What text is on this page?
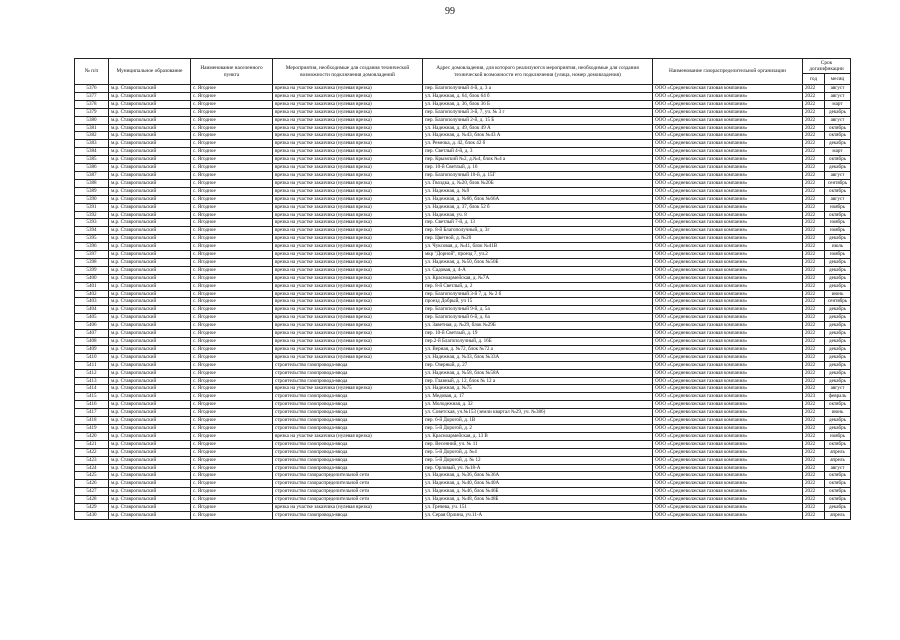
99
№ п/п	Муниципальное образование	Наименование населенного пункта	Мероприятия, необходимые для создания технической возможности подключения домовладений	Адрес домовладения, для которого реализуются мероприятия, необходимые для создания технической возможности его подключения (улица, номер домовладения)	Наименование газораспределительной организации	Срок догазификации	
						год	месяц
5376	м.р. Ставропольский	с. Ягодное	врезка на участке заказчика (нулевая врезка)	пер. Благополучный 4-й, д. 3 а	ООО «Средневолжская газовая компания»	2022	август
5377	м.р. Ставропольский	с. Ягодное	врезка на участке заказчика (нулевая врезка)	ул. Надежная, д. 64, блок 64 б	ООО «Средневолжская газовая компания»	2022	август
5378	м.р. Ставропольский	с. Ягодное	врезка на участке заказчика (нулевая врезка)	ул. Надежная, д. 36, блок 36 Б	ООО «Средневолжская газовая компания»	2022	март
5379	м.р. Ставропольский	с. Ягодное	врезка на участке заказчика (нулевая врезка)	пер. Благополучный 3-й, 7, уч. № 3 г	ООО «Средневолжская газовая компания»	2022	декабрь
5380	м.р. Ставропольский	с. Ягодное	врезка на участке заказчика (нулевая врезка)	пер. Благополучный 2-й, д. 15 Б	ООО «Средневолжская газовая компания»	2022	август
5381	м.р. Ставропольский	с. Ягодное	врезка на участке заказчика (нулевая врезка)	ул. Надежная, д. 49, блок 49 А	ООО «Средневолжская газовая компания»	2022	октябрь
5382	м.р. Ставропольский	с. Ягодное	врезка на участке заказчика (нулевая врезка)	ул. Надежная, д. №43, блок №43 А	ООО «Средневолжская газовая компания»	2022	октябрь
5383	м.р. Ставропольский	с. Ягодное	врезка на участке заказчика (нулевая врезка)	ул. Ремезка, д. 42, блок 42 б	ООО «Средневолжская газовая компания»	2022	декабрь
5384	м.р. Ставропольский	с. Ягодное	врезка на участке заказчика (нулевая врезка)	пер. Светлый 4-й, д. 3	ООО «Средневолжская газовая компания»	2022	март
5385	м.р. Ставропольский	с. Ягодное	врезка на участке заказчика (нулевая врезка)	пер. Крымский №2, д.№4, блок №4 а	ООО «Средневолжская газовая компания»	2022	октябрь
5386	м.р. Ставропольский	с. Ягодное	врезка на участке заказчика (нулевая врезка)	пер. 10-й Светлый, д. 16	ООО «Средневолжская газовая компания»	2022	декабрь
5387	м.р. Ставропольский	с. Ягодное	врезка на участке заказчика (нулевая врезка)	пер. Благополучный 10-й, д. 15Г	ООО «Средневолжская газовая компания»	2022	август
5388	м.р. Ставропольский	с. Ягодное	врезка на участке заказчика (нулевая врезка)	ул. Гвоздка, д. №20, блок №20Б	ООО «Средневолжская газовая компания»	2022	сентябрь
5389	м.р. Ставропольский	с. Ягодное	врезка на участке заказчика (нулевая врезка)	ул. Надежная, д. №9	ООО «Средневолжская газовая компания»	2022	октябрь
5390	м.р. Ставропольский	с. Ягодное	врезка на участке заказчика (нулевая врезка)	ул. Надежная, д. №66, блок №66А	ООО «Средневолжская газовая компания»	2022	август
5391	м.р. Ставропольский	с. Ягодное	врезка на участке заказчика (нулевая врезка)	ул. Надежная, д. 37, блок 52 б	ООО «Средневолжская газовая компания»	2022	ноябрь
5392	м.р. Ставропольский	с. Ягодное	врезка на участке заказчика (нулевая врезка)	ул. Надежная, уч. 8	ООО «Средневолжская газовая компания»	2022	октябрь
5393	м.р. Ставропольский	с. Ягодное	врезка на участке заказчика (нулевая врезка)	пер. Светлый 7-й, д. 13	ООО «Средневолжская газовая компания»	2022	ноябрь
5394	м.р. Ставропольский	с. Ягодное	врезка на участке заказчика (нулевая врезка)	пер. 8-й Благополучный, д. 3г	ООО «Средневолжская газовая компания»	2022	ноябрь
5395	м.р. Ставропольский	с. Ягодное	врезка на участке заказчика (нулевая врезка)	пер. Цветной, д. №20	ООО «Средневолжская газовая компания»	2022	декабрь
5396	м.р. Ставропольский	с. Ягодное	врезка на участке заказчика (нулевая врезка)	ул. Чуксовая, д. №41, блок №41В	ООО «Средневолжская газовая компания»	2022	июль
5397	м.р. Ставропольский	с. Ягодное	врезка на участке заказчика (нулевая врезка)	мкр "Дорной", проезд 7, уч.2	ООО «Средневолжская газовая компания»	2022	ноябрь
5398	м.р. Ставропольский	с. Ягодное	врезка на участке заказчика (нулевая врезка)	ул. Надежная, д. №50, блок №50Б	ООО «Средневолжская газовая компания»	2022	декабрь
5399	м.р. Ставропольский	с. Ягодное	врезка на участке заказчика (нулевая врезка)	ул. Садовая, д. 4-А	ООО «Средневолжская газовая компания»	2022	декабрь
5400	м.р. Ставропольский	с. Ягодное	врезка на участке заказчика (нулевая врезка)	ул. Красноармейская, д. №7А	ООО «Средневолжская газовая компания»	2022	декабрь
5401	м.р. Ставропольский	с. Ягодное	врезка на участке заказчика (нулевая врезка)	пер. 8-й Светлый, д. 2	ООО «Средневолжская газовая компания»	2022	декабрь
5402	м.р. Ставропольский	с. Ягодное	врезка на участке заказчика (нулевая врезка)	пер. Благополучный 3-й 7, д. № 2 б	ООО «Средневолжская газовая компания»	2022	июнь
5403	м.р. Ставропольский	с. Ягодное	врезка на участке заказчика (нулевая врезка)	проезд Добрый, уч 15	ООО «Средневолжская газовая компания»	2022	сентябрь
5404	м.р. Ставропольский	с. Ягодное	врезка на участке заказчика (нулевая врезка)	пер. Благополучный 9-й, д. 5а	ООО «Средневолжская газовая компания»	2022	декабрь
5405	м.р. Ставропольский	с. Ягодное	врезка на участке заказчика (нулевая врезка)	пер. Благополучный 6-й, д. 6а	ООО «Средневолжская газовая компания»	2022	декабрь
5406	м.р. Ставропольский	с. Ягодное	врезка на участке заказчика (нулевая врезка)	ул. Заветная, д. №29, блок №29Б	ООО «Средневолжская газовая компания»	2022	декабрь
5407	м.р. Ставропольский	с. Ягодное	врезка на участке заказчика (нулевая врезка)	пер. 10-й Светлый, д. 19	ООО «Средневолжская газовая компания»	2022	декабрь
5408	м.р. Ставропольский	с. Ягодное	врезка на участке заказчика (нулевая врезка)	пер.2-й Благополучный, д. 16Б	ООО «Средневолжская газовая компания»	2022	декабрь
5409	м.р. Ставропольский	с. Ягодное	врезка на участке заказчика (нулевая врезка)	ул. Верная, д. №72, блок №72 а	ООО «Средневолжская газовая компания»	2022	декабрь
5410	м.р. Ставропольский	с. Ягодное	врезка на участке заказчика (нулевая врезка)	ул. Надежная, д. №33, блок №33А	ООО «Средневолжская газовая компания»	2022	декабрь
5411	м.р. Ставропольский	с. Ягодное	строительство газопровода-ввода	пер. Озерный, д. 27	ООО «Средневолжская газовая компания»	2022	декабрь
5412	м.р. Ставропольский	с. Ягодное	строительство газопровода-ввода	ул. Надежная, д. №58, блок №58А	ООО «Средневолжская газовая компания»	2022	декабрь
5413	м.р. Ставропольский	с. Ягодное	строительство газопровода-ввода	пер. Главный, д. 12, блок № 12 а	ООО «Средневолжская газовая компания»	2022	декабрь
5414	м.р. Ставропольский	с. Ягодное	врезка на участке заказчика (нулевая врезка)	ул. Надежная, д. №75	ООО «Средневолжская газовая компания»	2022	август
5415	м.р. Ставропольский	с. Ягодное	строительство газопровода-ввода	ул. Медовая, д. 17	ООО «Средневолжская газовая компания»	2023	февраль
5416	м.р. Ставропольский	с. Ягодное	строительство газопровода-ввода	ул. Молодежная, д. 32	ООО «Средневолжская газовая компания»	2022	октябрь
5417	м.р. Ставропольский	с. Ягодное	строительство газопровода-ввода	ул. Советская, уч.№153 (земли квартал №29, уч. №386)	ООО «Средневолжская газовая компания»	2022	июнь
5418	м.р. Ставропольский	с. Ягодное	строительство газопровода-ввода	пер. 6-й Дорогой, д. 1В	ООО «Средневолжская газовая компания»	2022	декабрь
5419	м.р. Ставропольский	с. Ягодное	строительство газопровода-ввода	пер. 5-й Дорогой, д. 2	ООО «Средневолжская газовая компания»	2022	декабрь
5420	м.р. Ставропольский	с. Ягодное	врезка на участке заказчика (нулевая врезка)	ул. Красноармейская, д. 13 В	ООО «Средневолжская газовая компания»	2022	ноябрь
5421	м.р. Ставропольский	с. Ягодное	строительство газопровода-ввода	пер. Весенний, уч. № 11	ООО «Средневолжская газовая компания»	2022	октябрь
5422	м.р. Ставропольский	с. Ягодное	строительство газопровода-ввода	пер. 5-й Дорогой, д. №4	ООО «Средневолжская газовая компания»	2022	апрель
5423	м.р. Ставропольский	с. Ягодное	строительство газопровода-ввода	пер. 5-й Дорогой, д. № 12	ООО «Средневолжская газовая компания»	2022	апрель
5424	м.р. Ставропольский	с. Ягодное	строительство газопровода-ввода	пер. Орловый, уч. №18-А	ООО «Средневолжская газовая компания»	2022	август
5425	м.р. Ставропольский	с. Ягодное	строительство газораспределительной сети	ул. Надежная, д. №36, блок №36А	ООО «Средневолжская газовая компания»	2022	октябрь
5426	м.р. Ставропольский	с. Ягодное	строительство газораспределительной сети	ул. Надежная, д. №40, блок №40А	ООО «Средневолжская газовая компания»	2022	октябрь
5427	м.р. Ставропольский	с. Ягодное	строительство газораспределительной сети	ул. Надежная, д. №46, блок №46Б	ООО «Средневолжская газовая компания»	2022	октябрь
5428	м.р. Ставропольский	с. Ягодное	строительство газораспределительной сети	ул. Надежная, д. №48, блок №48Б	ООО «Средневолжская газовая компания»	2022	октябрь
5429	м.р. Ставропольский	с. Ягодное	врезка на участке заказчика (нулевая врезка)	ул. Гречева, уч. 151	ООО «Средневолжская газовая компания»	2022	декабрь
5430	м.р. Ставропольский	с. Ягодное	строительство газопровода-ввода	ул. Серая Орлина, уч.11-А	ООО «Средневолжская газовая компания»	2022	апрель
